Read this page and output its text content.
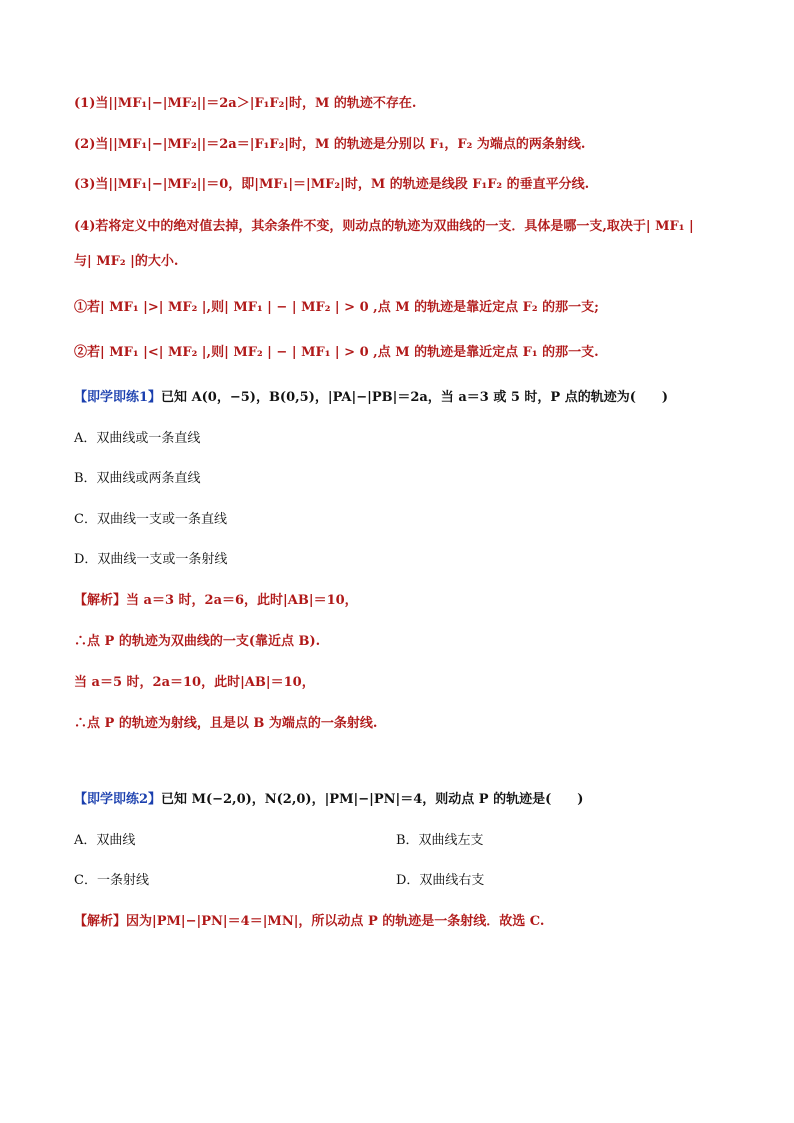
(1)当||MF₁|−|MF₂||＝2a＞|F₁F₂|时，M 的轨迹不存在.
(2)当||MF₁|−|MF₂||＝2a＝|F₁F₂|时，M 的轨迹是分别以 F₁，F₂ 为端点的两条射线.
(3)当||MF₁|−|MF₂||＝0，即|MF₁|＝|MF₂|时，M 的轨迹是线段 F₁F₂ 的垂直平分线.
(4)若将定义中的绝对值去掉，其余条件不变，则动点的轨迹为双曲线的一支．具体是哪一支,取决于| MF₁ |
与| MF₂ |的大小.
①若| MF₁ |>| MF₂ |,则| MF₁ | − | MF₂ | > 0 ,点 M 的轨迹是靠近定点 F₂ 的那一支;
②若| MF₁ |<| MF₂ |,则| MF₂ | − | MF₁ | > 0 ,点 M 的轨迹是靠近定点 F₁ 的那一支.
【即学即练1】已知 A(0，−5)，B(0,5)，|PA|−|PB|＝2a，当 a＝3 或 5 时，P 点的轨迹为(　　)
A．双曲线或一条直线
B．双曲线或两条直线
C．双曲线一支或一条直线
D．双曲线一支或一条射线
【解析】当 a＝3 时，2a＝6，此时|AB|＝10，
∴点 P 的轨迹为双曲线的一支(靠近点 B).
当 a＝5 时，2a＝10，此时|AB|＝10，
∴点 P 的轨迹为射线，且是以 B 为端点的一条射线.
【即学即练2】已知 M(−2,0)，N(2,0)，|PM|−|PN|＝4，则动点 P 的轨迹是(　　)
A．双曲线	B．双曲线左支
C．一条射线	D．双曲线右支
【解析】因为|PM|−|PN|＝4＝|MN|，所以动点 P 的轨迹是一条射线．故选 C.
